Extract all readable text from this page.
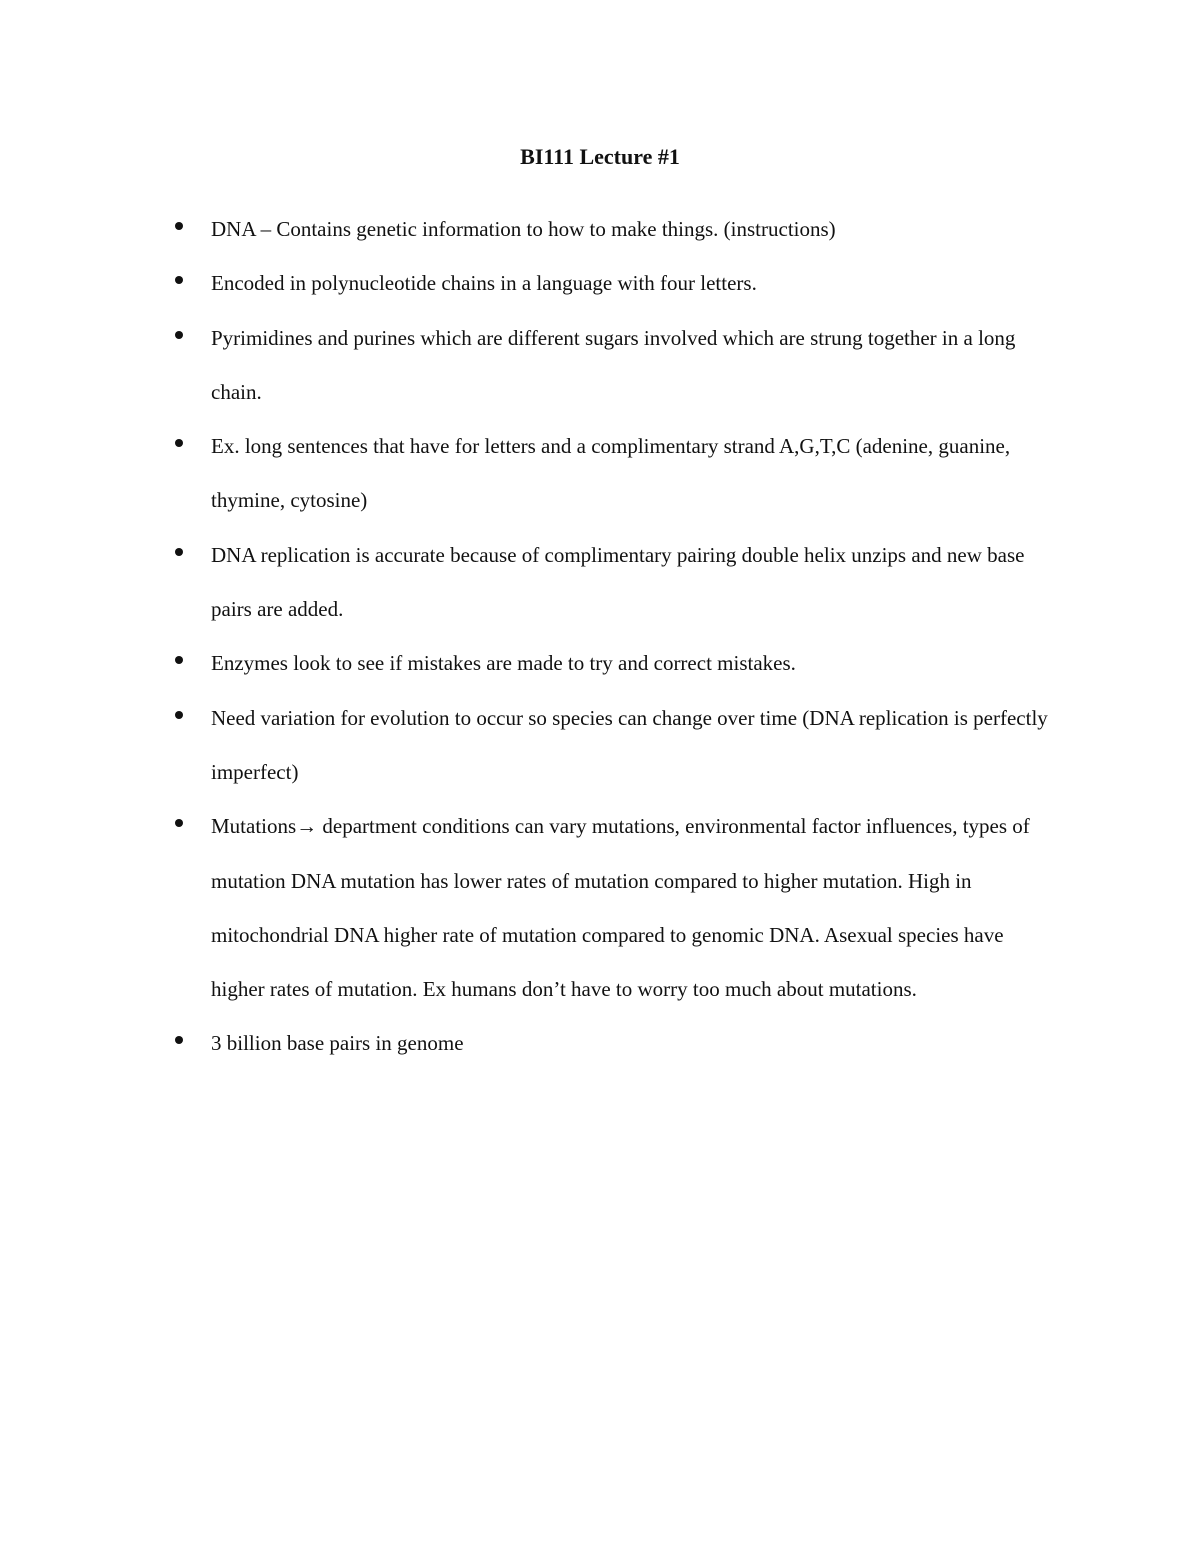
BI111 Lecture #1
DNA – Contains genetic information to how to make things. (instructions)
Encoded in polynucleotide chains in a language with four letters.
Pyrimidines and purines which are different sugars involved which are strung together in a long chain.
Ex. long sentences that have for letters and a complimentary strand A,G,T,C (adenine, guanine, thymine, cytosine)
DNA replication is accurate because of complimentary pairing double helix unzips and new base pairs are added.
Enzymes look to see if mistakes are made to try and correct mistakes.
Need variation for evolution to occur so species can change over time (DNA replication is perfectly imperfect)
Mutations→ department conditions can vary mutations, environmental factor influences, types of mutation DNA mutation has lower rates of mutation compared to higher mutation. High in mitochondrial DNA higher rate of mutation compared to genomic DNA. Asexual species have higher rates of mutation. Ex humans don’t have to worry too much about mutations.
3 billion base pairs in genome
